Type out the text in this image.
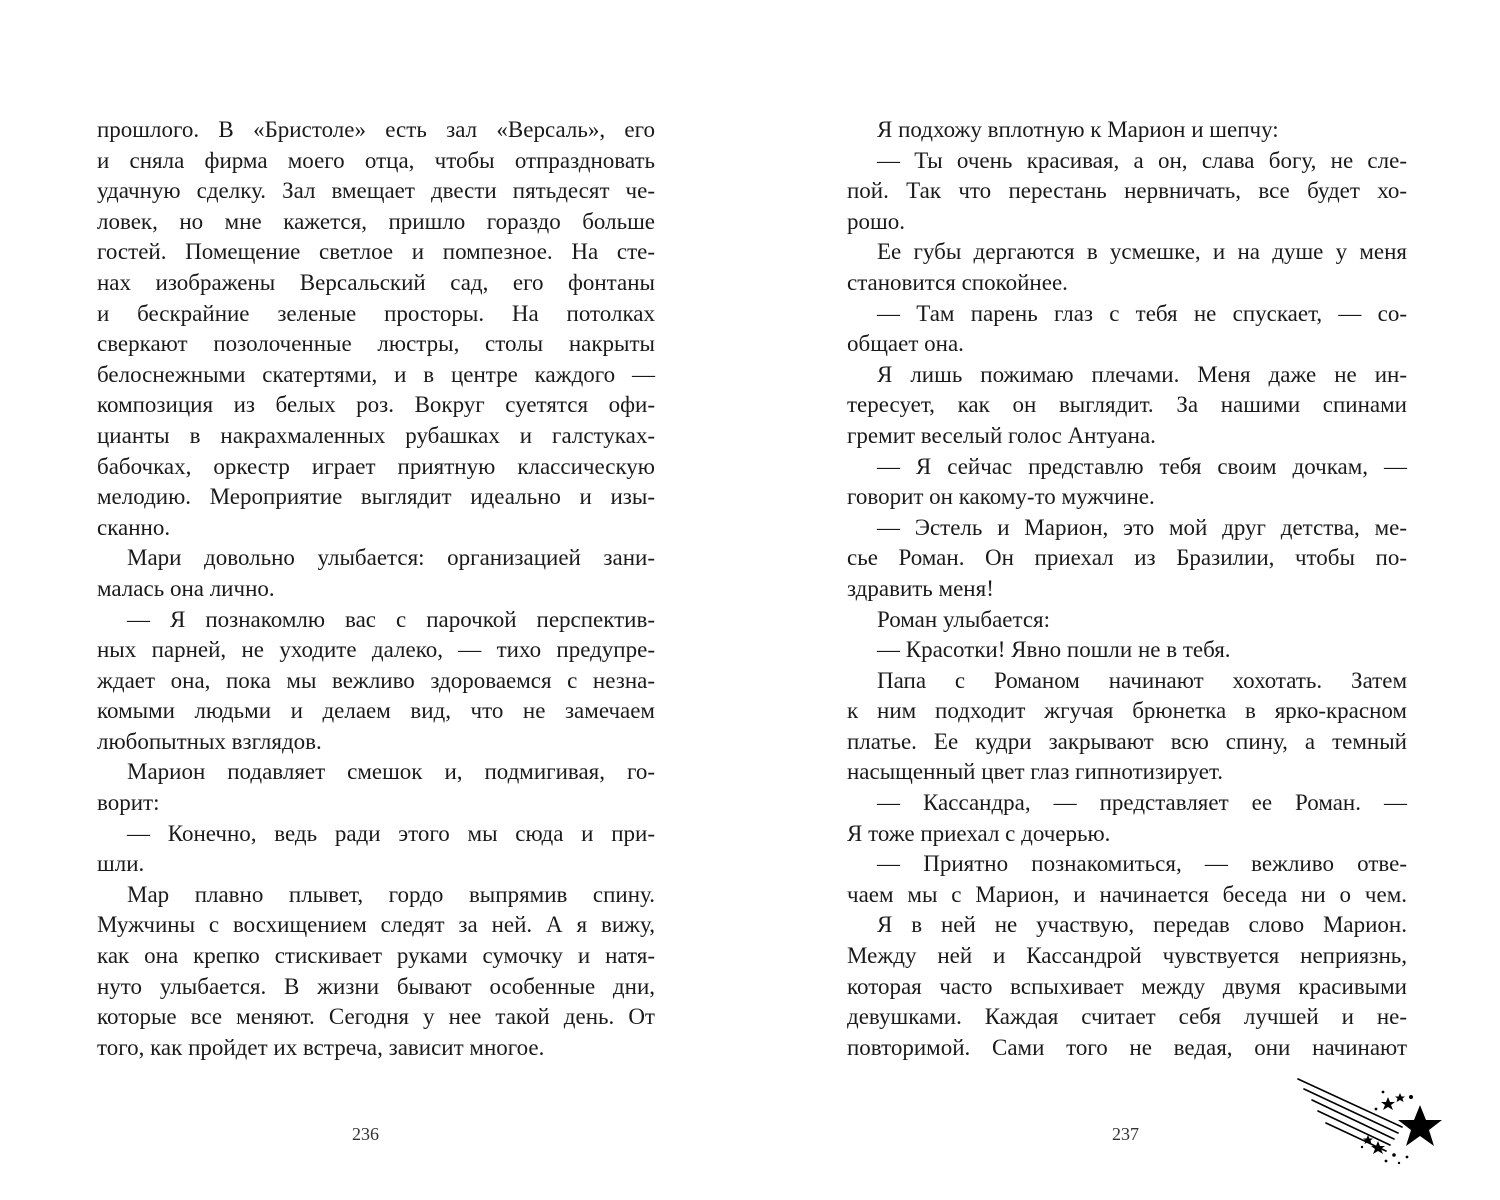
прошлого. В «Бристоле» есть зал «Версаль», его
и сняла фирма моего отца, чтобы отпраздновать
удачную сделку. Зал вмещает двести пятьдесят че-
ловек, но мне кажется, пришло гораздо больше
гостей. Помещение светлое и помпезное. На сте-
нах изображены Версальский сад, его фонтаны
и бескрайние зеленые просторы. На потолках
сверкают позолоченные люстры, столы накрыты
белоснежными скатертями, и в центре каждого —
композиция из белых роз. Вокруг суетятся офи-
цианты в накрахмаленных рубашках и галстуках-
бабочках, оркестр играет приятную классическую
мелодию. Мероприятие выглядит идеально и изы-
сканно.
Мари довольно улыбается: организацией зани-
малась она лично.
— Я познакомлю вас с парочкой перспектив-
ных парней, не уходите далеко, — тихо предупре-
ждает она, пока мы вежливо здороваемся с незна-
комыми людьми и делаем вид, что не замечаем
любопытных взглядов.
Марион подавляет смешок и, подмигивая, го-
ворит:
— Конечно, ведь ради этого мы сюда и при-
шли.
Мар плавно плывет, гордо выпрямив спину.
Мужчины с восхищением следят за ней. А я вижу,
как она крепко стискивает руками сумочку и натя-
нуто улыбается. В жизни бывают особенные дни,
которые все меняют. Сегодня у нее такой день. От
того, как пройдет их встреча, зависит многое.
236
Я подхожу вплотную к Марион и шепчу:
— Ты очень красивая, а он, слава богу, не сле-
пой. Так что перестань нервничать, все будет хо-
рошо.
Ее губы дергаются в усмешке, и на душе у меня
становится спокойнее.
— Там парень глаз с тебя не спускает, — со-
общает она.
Я лишь пожимаю плечами. Меня даже не ин-
тересует, как он выглядит. За нашими спинами
гремит веселый голос Антуана.
— Я сейчас представлю тебя своим дочкам, —
говорит он какому-то мужчине.
— Эстель и Марион, это мой друг детства, ме-
сье Роман. Он приехал из Бразилии, чтобы по-
здравить меня!
Роман улыбается:
— Красотки! Явно пошли не в тебя.
Папа с Романом начинают хохотать. Затем
к ним подходит жгучая брюнетка в ярко-красном
платье. Ее кудри закрывают всю спину, а темный
насыщенный цвет глаз гипнотизирует.
— Кассандра, — представляет ее Роман. —
Я тоже приехал с дочерью.
— Приятно познакомиться, — вежливо отве-
чаем мы с Марион, и начинается беседа ни о чем.
Я в ней не участвую, передав слово Марион.
Между ней и Кассандрой чувствуется неприязнь,
которая часто вспыхивает между двумя красивыми
девушками. Каждая считает себя лучшей и не-
повторимой. Сами того не ведая, они начинают
237
